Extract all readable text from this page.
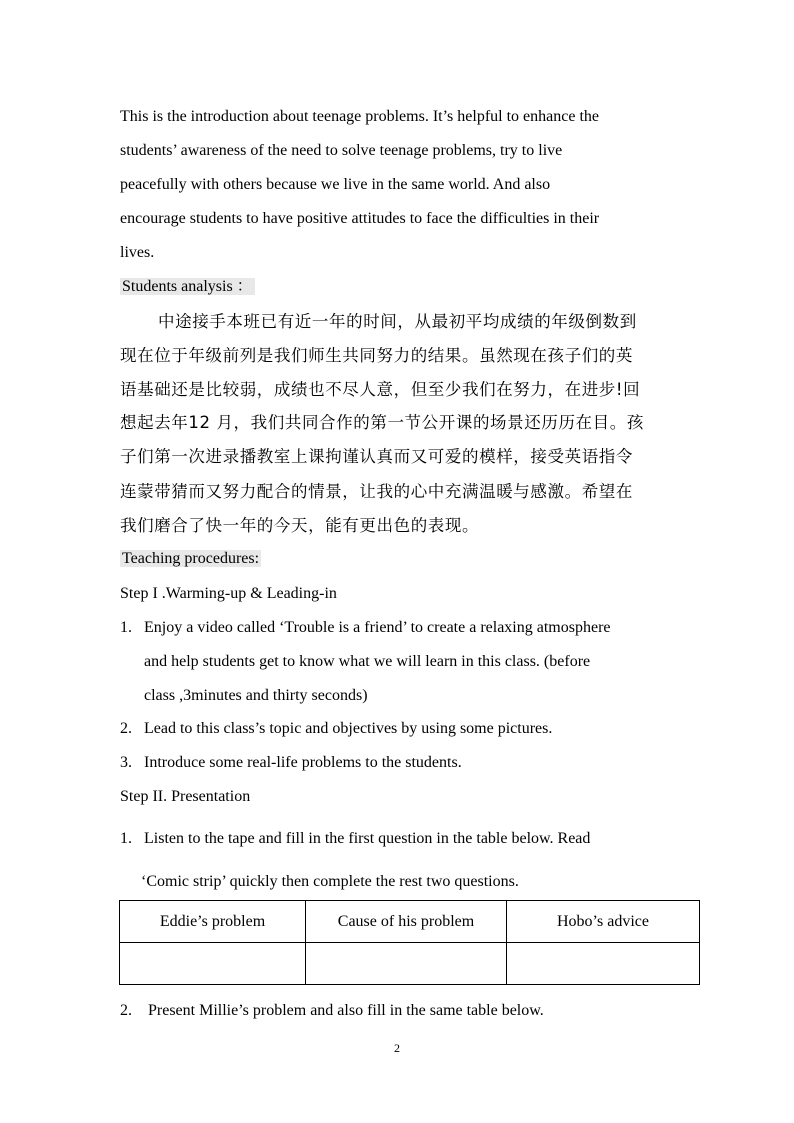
This is the introduction about teenage problems. It’s helpful to enhance the
students’ awareness of the need to solve teenage problems, try to live
peacefully with others because we live in the same world. And also
encourage students to have positive attitudes to face the difficulties in their
lives.
Students analysis ：
中途接手本班已有近一年的时间，从最初平均成绩的年级倒数到
现在位于年级前列是我们师生共同努力的结果。虽然现在孩子们的英
语基础还是比较弱，成绩也不尽人意，但至少我们在努力，在进步!回
想起去年12 月，我们共同合作的第一节公开课的场景还历历在目。孩
子们第一次进录播教室上课拘谨认真而又可爱的模样，接受英语指令
连蒙带猜而又努力配合的情景，让我的心中充满温暖与感激。希望在
我们磨合了快一年的今天，能有更出色的表现。
Teaching procedures:
Step I .Warming-up & Leading-in
1. Enjoy a video called ‘Trouble is a friend’ to create a relaxing atmosphere
and help students get to know what we will learn in this class. (before
class ,3minutes and thirty seconds)
2. Lead to this class’s topic and objectives by using some pictures.
3. Introduce some real-life problems to the students.
Step II. Presentation
1. Listen to the tape and fill in the first question in the table below. Read
‘Comic strip’ quickly then complete the rest two questions.
Eddie’s problem	Cause of his problem	Hobo’s advice

2. Present Millie’s problem and also fill in the same table below.
2
